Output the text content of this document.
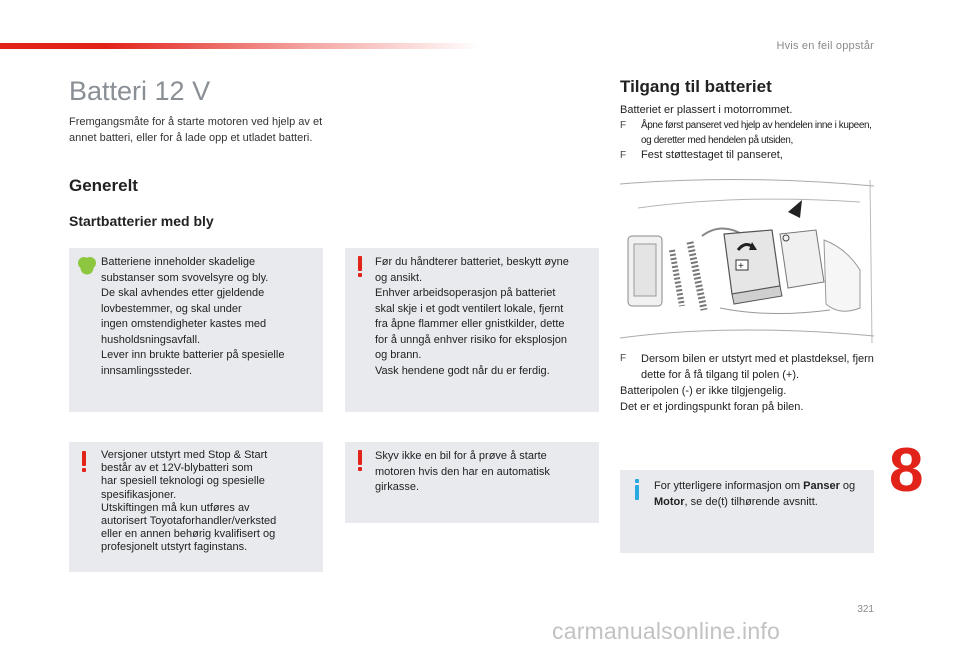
Hvis en feil oppstår
Batteri 12 V

Fremgangsmåte for å starte motoren ved hjelp av et annet batteri, eller for å lade opp et utladet batteri.

Generelt
Startbatterier med bly

Batteriene inneholder skadelige
substanser som svovelsyre og bly.
De skal avhendes etter gjeldende
lovbestemmer, og skal under
ingen omstendigheter kastes med
husholdsningsavfall.
Lever inn brukte batterier på spesielle
innsamlingssteder.

Før du håndterer batteriet, beskytt øyne
og ansikt.
Enhver arbeidsoperasjon på batteriet
skal skje i et godt ventilert lokale, fjernt
fra åpne flammer eller gnistkilder, dette
for å unngå enhver risiko for eksplosjon
og brann.
Vask hendene godt når du er ferdig.

Versjoner utstyrt med Stop & Start
består av et 12V-blybatteri som
har spesiell teknologi og spesielle
spesifikasjoner.
Utskiftingen må kun utføres av
autorisert Toyotaforhandler/verksted
eller en annen behørig kvalifisert og
profesjonelt utstyrt faginstans.

Skyv ikke en bil for å prøve å starte
motoren hvis den har en automatisk
girkasse.

Tilgang til batteriet

Batteriet er plassert i motorrommet.

F Åpne først panseret ved hjelp av hendelen inne i kupeen, og deretter med hendelen på utsiden,

F Fest støttestaget til panseret,

+

F Dersom bilen er utstyrt med et plastdeksel, fjern dette for å få tilgang til polen (+).

Batteripolen (-) er ikke tilgjengelig.

Det er et jordingspunkt foran på bilen.

For ytterligere informasjon om Panser og Motor, se de(t) tilhørende avsnitt.	8
321
carmanualsonline.info
